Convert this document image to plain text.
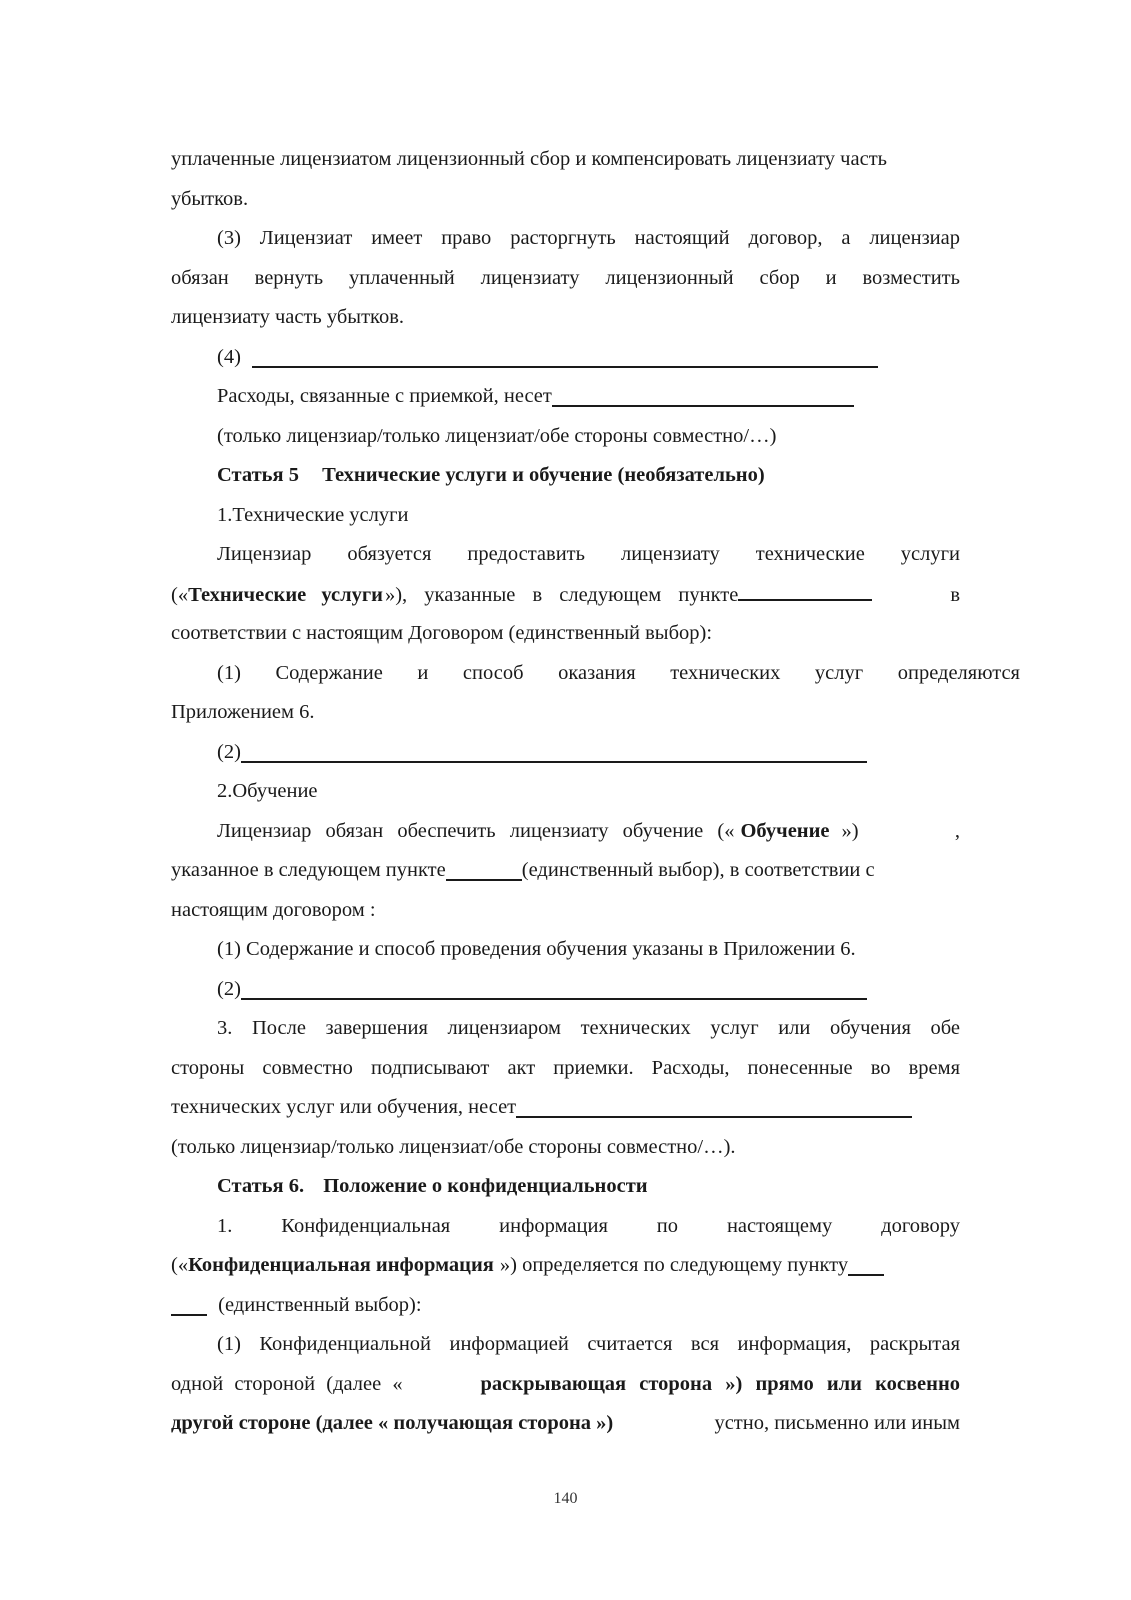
уплаченные лицензиатом лицензионный сбор и компенсировать лицензиату часть
убытков.
(3) Лицензиат имеет право расторгнуть настоящий договор, а лицензиар
обязан вернуть уплаченный лицензиату лицензионный сбор и возместить
лицензиату часть убытков.
(4)
Расходы, связанные с приемкой, несет
(только лицензиар/только лицензиат/обе стороны совместно/…)
Статья 5 Технические услуги и обучение (необязательно)
1.Технические услуги
Лицензиар обязуется предоставить лицензиату технические услуги
(« Технические услуги »), указанные в следующем пункте	в
соответствии с настоящим Договором (единственный выбор):
(1) Содержание и способ оказания технических услуг определяются
Приложением 6.
(2)
2.Обучение
Лицензиар обязан обеспечить лицензиату обучение (« Обучение »)	,
указанное в следующем пункте	(единственный выбор), в соответствии с
настоящим договором :
(1) Содержание и способ проведения обучения указаны в Приложении 6.
(2)
3. После завершения лицензиаром технических услуг или обучения обе
стороны совместно подписывают акт приемки. Расходы, понесенные во время
технических услуг или обучения, несет
(только лицензиар/только лицензиат/обе стороны совместно/…).
Статья 6. Положение о конфиденциальности
1. Конфиденциальная информация по настоящему договору
(«Конфиденциальная информация ») определяется по следующему пункту
(единственный выбор):
(1) Конфиденциальной информацией считается вся информация, раскрытая
одной стороной (далее «	раскрывающая сторона ») прямо или косвенно
другой стороне (далее « получающая сторона »)	устно, письменно или иным
140
